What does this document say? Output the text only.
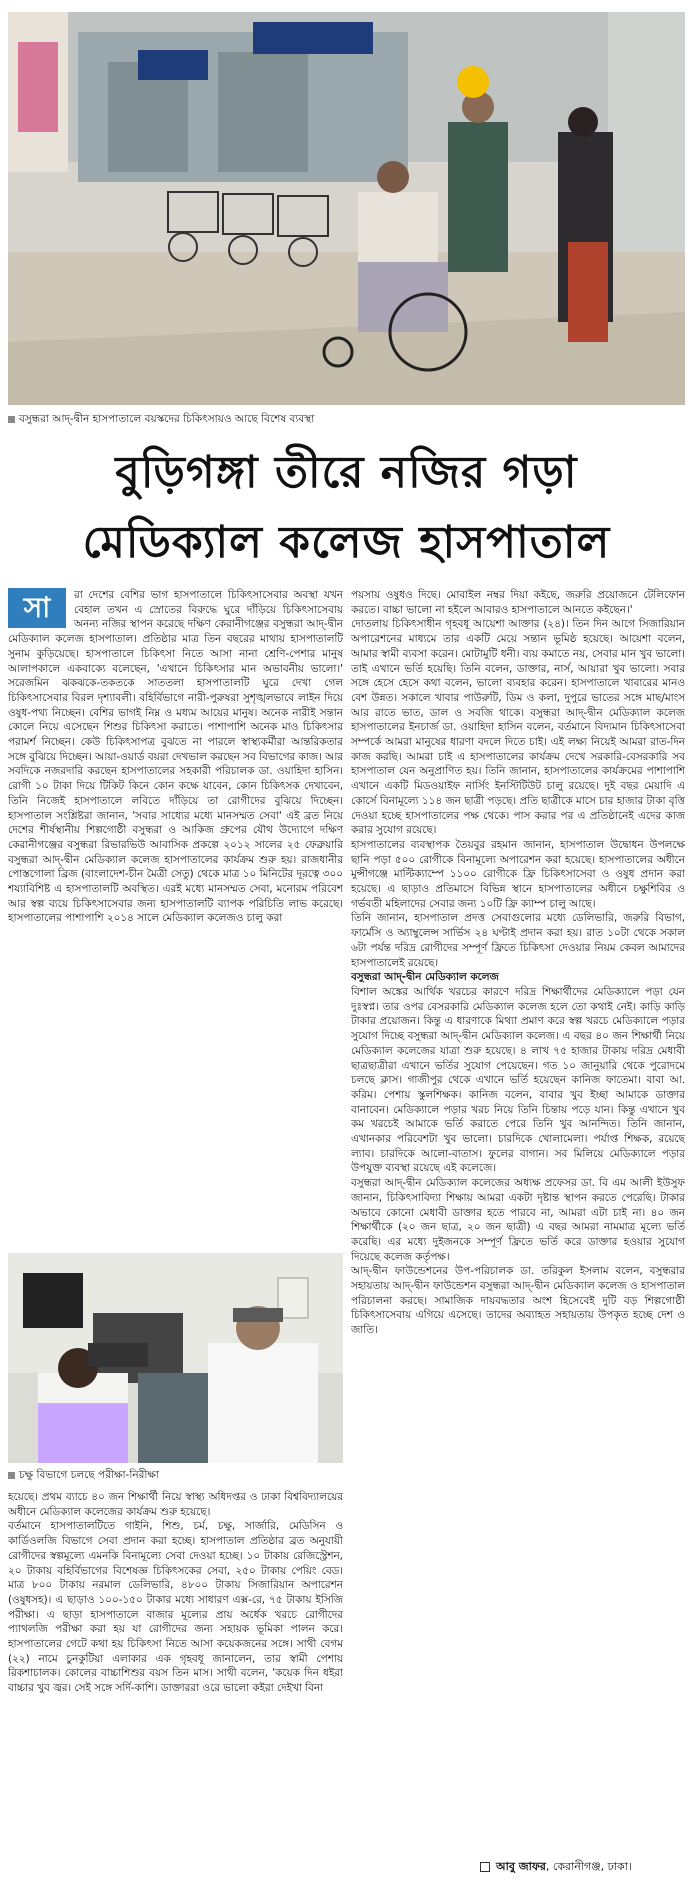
বসুন্ধরা আদ্-দ্বীন হাসপাতালে বয়স্কদের চিকিৎসায়ও আছে বিশেষ ব্যবস্থা
বুড়িগঙ্গা তীরে নজির গড়া
মেডিক্যাল কলেজ হাসপাতাল
সা	রা দেশের বেশির ভাগ হাসপাতালে চিকিৎসাসেবার অবস্থা যখন বেহাল তখন এ স্রোতের বিরুদ্ধে ঘুরে দাঁড়িয়ে চিকিৎসাসেবায় অনন্য নজির স্থাপন করেছে দক্ষিণ কেরানীগঞ্জের বসুন্ধরা আদ্-দ্বীন মেডিক্যাল কলেজ হাসপাতাল। প্রতিষ্ঠার মাত্র তিন বছরের মাথায় হাসপাতালটি সুনাম কুড়িয়েছে। হাসপাতালে চিকিৎসা নিতে আসা নানা শ্রেণি-পেশার মানুষ আলাপকালে একবাক্যে বলেছেন, 'এখানে চিকিৎসার মান অভাবনীয় ভালো।' সরেজমিন ঝকঝকে-তকতকে সাততলা হাসপাতালটি ঘুরে দেখা গেল চিকিৎসাসেবার বিরল দৃশ্যাবলী। বহির্বিভাগে নারী-পুরুষরা সুশৃঙ্খলভাবে লাইন দিয়ে ওষুধ-পথ্য নিচ্ছেন। বেশির ভাগই নিম্ন ও মধ্যম আয়ের মানুষ। অনেক নারীই সন্তান কোলে নিয়ে এসেছেন শিশুর চিকিৎসা করাতে। পাশাপাশি অনেক মাও চিকিৎসার পরামর্শ নিচ্ছেন। কেউ চিকিৎসাপত্র বুঝতে না পারলে স্বাস্থ্যকর্মীরা আন্তরিকতার সঙ্গে বুঝিয়ে দিচ্ছেন। আয়া-ওয়ার্ড বয়রা দেখভাল করছেন সব বিভাগের কাজ। আর সবদিকে নজরদারি করছেন হাসপাতালের সহকারী পরিচালক ডা. ওয়াহিদা হাসিন। রোগী ১০ টাকা দিয়ে টিকিট কিনে কোন কক্ষে যাবেন, কোন চিকিৎসক দেখাবেন, তিনি নিজেই হাসপাতালে লবিতে দাঁড়িয়ে তা রোগীদের বুঝিয়ে দিচ্ছেন। হাসপাতাল সংশ্লিষ্টরা জানান, 'সবার সাধ্যের মধ্যে মানসম্মত সেবা' এই ব্রত নিয়ে দেশের শীর্ষস্থানীয় শিল্পগোষ্ঠী বসুন্ধরা ও আকিজ গ্রুপের যৌথ উদ্যোগে দক্ষিণ কেরানীগঞ্জের বসুন্ধরা রিভারভিউ আবাসিক প্রকল্পে ২০১২ সালের ২৫ ফেব্রুয়ারি বসুন্ধরা আদ্-দ্বীন মেডিক্যাল কলেজ হাসপাতালের কার্যক্রম শুরু হয়। রাজধানীর পোস্তগোলা ব্রিজ (বাংলাদেশ-চীন মৈত্রী সেতু) থেকে মাত্র ১০ মিনিটের দূরত্বে ৩০০ শয্যাবিশিষ্ট এ হাসপাতালটি অবস্থিত। এরই মধ্যে মানসম্মত সেবা, মনোরম পরিবেশ আর স্বল্প ব্যয়ে চিকিৎসাসেবার জন্য হাসপাতালটি ব্যাপক পরিচিতি লাভ করেছে। হাসপাতালের পাশাপাশি ২০১৪ সালে মেডিক্যাল কলেজও চালু করা

চক্ষু বিভাগে চলছে পরীক্ষা-নিরীক্ষা

হয়েছে। প্রথম ব্যাচে ৪০ জন শিক্ষার্থী নিয়ে স্বাস্থ্য অধিদপ্তর ও ঢাকা বিশ্ববিদ্যালয়ের অধীনে মেডিক্যাল কলেজের কার্যক্রম শুরু হয়েছে।

বর্তমানে হাসপাতালটিতে গাইনি, শিশু, চর্ম, চক্ষু, সার্জারি, মেডিসিন ও কার্ডিওলজি বিভাগে সেবা প্রদান করা হচ্ছে। হাসপাতাল প্রতিষ্ঠার ব্রত অনুযায়ী রোগীদের স্বল্পমূল্যে এমনকি বিনামূল্যে সেবা দেওয়া হচ্ছে। ১০ টাকায় রেজিস্ট্রেশন, ২০ টাকায় বহির্বিভাগের বিশেষজ্ঞ চিকিৎসকের সেবা, ২৫০ টাকায় পেয়িং বেড। মাত্র ৮০০ টাকায় নরমাল ডেলিভারি, ৪৮০০ টাকায় সিজারিয়ান অপারেশন (ওষুধসহ)। এ ছাড়াও ১০০-১৫০ টাকার মধ্যে সাধারণ এক্স-রে, ৭৫ টাকায় ইসিজি পরীক্ষা। এ ছাড়া হাসপাতালে বাজার মূল্যের প্রায় অর্ধেক খরচে রোগীদের প্যাথলজি পরীক্ষা করা হয় যা রোগীদের জন্য সহায়ক ভূমিকা পালন করে। হাসপাতালের গেটে কথা হয় চিকিৎসা নিতে আসা কয়েকজনের সঙ্গে। সাথী বেগম (২২) নামে চুনকুটিয়া এলাকার এক গৃহবধূ জানালেন, তার স্বামী পেশায় রিকশাচালক। কোলের বাচ্চাশিশুর বয়স তিন মাস। সাথী বলেন, 'কয়েক দিন ধইরা বাচ্চার খুব জ্বর। সেই সঙ্গে সর্দি-কাশি। ডাক্তাররা ওরে ভালো কইরা দেইখা বিনা

পয়সায় ওষুধও দিছে। মোবাইল নম্বর দিয়া কইছে, জরুরি প্রয়োজনে টেলিফোন করতে। বাচ্চা ভালো না হইলে আবারও হাসপাতালে আনতে কইছেন।'

দোতলায় চিকিৎসাধীন গৃহবধূ আয়েশা আক্তার (২৪)। তিন দিন আগে সিজারিয়ান অপারেশনের মাধ্যমে তার একটি মেয়ে সন্তান ভূমিষ্ঠ হয়েছে। আয়েশা বলেন, আমার স্বামী ব্যবসা করেন। মোটামুটি ধনী। ব্যয় কমাতে নয়, সেবার মান খুব ভালো। তাই এখানে ভর্তি হয়েছি। তিনি বলেন, ডাক্তার, নার্স, আয়ারা খুব ভালো। সবার সঙ্গে হেসে হেসে কথা বলেন, ভালো ব্যবহার করেন। হাসপাতালে খাবারের মানও বেশ উন্নত। সকালে খাবার পাউরুটি, ডিম ও কলা, দুপুরে ভাতের সঙ্গে মাছ/মাংস আর রাতে ভাত, ডাল ও সবজি থাকে। বসুন্ধরা আদ্-দ্বীন মেডিক্যাল কলেজ হাসপাতালের ইনচার্জ ডা. ওয়াহিদা হাসিন বলেন, বর্তমানে বিদ্যমান চিকিৎসাসেবা সম্পর্কে আমরা মানুষের ধারণা বদলে দিতে চাই। এই লক্ষ্য নিয়েই আমরা রাত-দিন কাজ করছি। আমরা চাই এ হাসপাতালের কার্যক্রম দেখে সরকারি-বেসরকারি সব হাসপাতাল যেন অনুপ্রাণিত হয়। তিনি জানান, হাসপাতালের কার্যক্রমের পাশাপাশি এখানে একটি মিডওয়াইফ নার্সিং ইনস্টিটিউট চালু রয়েছে। দুই বছর মেয়াদি এ কোর্সে বিনামূল্যে ১১৪ জন ছাত্রী পড়ছে। প্রতি ছাত্রীকে মাসে চার হাজার টাকা বৃত্তি দেওয়া হচ্ছে হাসপাতালের পক্ষ থেকে। পাস করার পর এ প্রতিষ্ঠানেই এদের কাজ করার সুযোগ রয়েছে।

হাসপাতালের ব্যবস্থাপক তৈয়বুর রহমান জানান, হাসপাতাল উদ্বোধন উপলক্ষে ছানি পড়া ৫০০ রোগীকে বিনামূল্যে অপারেশন করা হয়েছে। হাসপাতালের অধীনে মুন্সীগঞ্জে মাল্টিক্যাম্পে ১১০০ রোগীকে ফ্রি চিকিৎসাসেবা ও ওষুধ প্রদান করা হয়েছে। এ ছাড়াও প্রতিমাসে বিভিন্ন স্থানে হাসপাতালের অধীনে চক্ষুশিবির ও গর্ভবতী মহিলাদের সেবার জন্য ১০টি ফ্রি ক্যাম্প চালু আছে।

তিনি জানান, হাসপাতাল প্রদত্ত সেবাগুলোর মধ্যে ডেলিভারি, জরুরি বিভাগ, ফার্মেসি ও অ্যাম্বুলেন্স সার্ভিস ২৪ ঘণ্টাই প্রদান করা হয়। রাত ১০টা থেকে সকাল ৬টা পর্যন্ত দরিদ্র রোগীদের সম্পূর্ণ ফ্রিতে চিকিৎসা দেওয়ার নিয়ম কেবল আমাদের হাসপাতালেই রয়েছে।

বসুন্ধরা আদ্-দ্বীন মেডিক্যাল কলেজ

বিশাল অঙ্কের আর্থিক খরচের কারণে দরিদ্র শিক্ষার্থীদের মেডিক্যালে পড়া যেন দুঃস্বপ্ন। তার ওপর বেসরকারি মেডিক্যাল কলেজ হলে তো কথাই নেই। কাড়ি কাড়ি টাকার প্রয়োজন। কিন্তু এ ধারণাকে মিথ্যা প্রমাণ করে স্বল্প খরচে মেডিক্যালে পড়ার সুযোগ দিচ্ছে বসুন্ধরা আদ্-দ্বীন মেডিক্যাল কলেজ। এ বছর ৪০ জন শিক্ষার্থী নিয়ে মেডিক্যাল কলেজের যাত্রা শুরু হয়েছে। ৪ লাখ ৭৫ হাজার টাকায় দরিদ্র মেধাবী ছাত্রছাত্রীরা এখানে ভর্তির সুযোগ পেয়েছেন। গত ১০ জানুয়ারি থেকে পুরোদমে চলছে ক্লাস। গাজীপুর থেকে এখানে ভর্তি হয়েছেন কানিজ ফাতেমা। বাবা আ. করিম। পেশায় স্কুলশিক্ষক। কানিজ বলেন, বাবার খুব ইচ্ছা আমাকে ডাক্তার বানাবেন। মেডিক্যালে পড়ার খরচ নিয়ে তিনি চিন্তায় পড়ে যান। কিন্তু এখানে খুব কম খরচেই আমাকে ভর্তি করাতে পেরে তিনি খুব আনন্দিত। তিনি জানান, এখানকার পরিবেশটা খুব ভালো। চারদিকে খোলামেলা। পর্যাপ্ত শিক্ষক, রয়েছে ল্যাব। চারদিকে আলো-বাতাস। ফুলের বাগান। সব মিলিয়ে মেডিক্যালে পড়ার উপযুক্ত ব্যবস্থা রয়েছে এই কলেজে।

বসুন্ধরা আদ্-দ্বীন মেডিক্যাল কলেজের অধ্যক্ষ প্রফেসর ডা. বি এম আলী ইউসুফ জানান, চিকিৎসাবিদ্যা শিক্ষায় আমরা একটা দৃষ্টান্ত স্থাপন করতে পেরেছি। টাকার অভাবে কোনো মেধাবী ডাক্তার হতে পারবে না, আমরা এটা চাই না। ৪০ জন শিক্ষার্থীকে (২০ জন ছাত্র, ২০ জন ছাত্রী) এ বছর আমরা নামমাত্র মূল্যে ভর্তি করেছি। এর মধ্যে দুইজনকে সম্পূর্ণ ফ্রিতে ভর্তি করে ডাক্তার হওয়ার সুযোগ দিয়েছে কলেজ কর্তৃপক্ষ।

আদ্-দ্বীন ফাউন্ডেশনের উপ-পরিচালক ডা. তরিকুল ইসলাম বলেন, বসুন্ধরার সহায়তায় আদ্-দ্বীন ফাউন্ডেশন বসুন্ধরা আদ্-দ্বীন মেডিক্যাল কলেজ ও হাসপাতাল পরিচালনা করছে। সামাজিক দায়বদ্ধতার অংশ হিসেবেই দুটি বড় শিল্পগোষ্ঠী চিকিৎসাসেবায় এগিয়ে এসেছে। তাদের অব্যাহত সহায়তায় উপকৃত হচ্ছে দেশ ও জাতি।

আবু জাফর, কেরানীগঞ্জ, ঢাকা।
